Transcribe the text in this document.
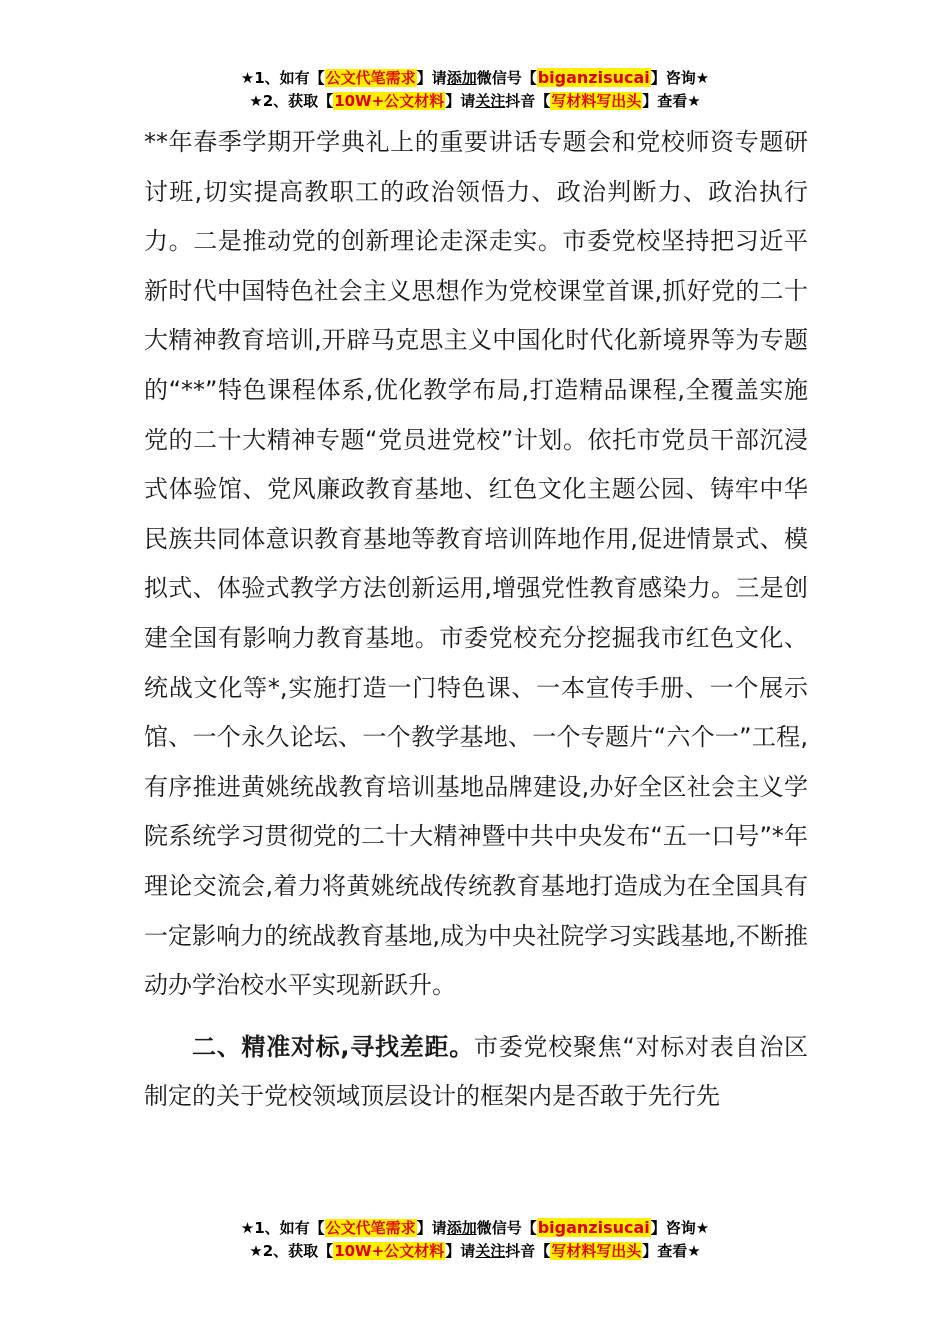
★1、如有【公文代笔需求】请添加微信号【biganzisucai】咨询★
★2、获取【10W+公文材料】请关注抖音【写材料写出头】查看★

**年春季学期开学典礼上的重要讲话专题会和党校师资专题研讨班,切实提高教职工的政治领悟力、政治判断力、政治执行力。二是推动党的创新理论走深走实。市委党校坚持把习近平新时代中国特色社会主义思想作为党校课堂首课,抓好党的二十大精神教育培训,开辟马克思主义中国化时代化新境界等为专题的“**”特色课程体系,优化教学布局,打造精品课程,全覆盖实施党的二十大精神专题“党员进党校”计划。依托市党员干部沉浸式体验馆、党风廉政教育基地、红色文化主题公园、铸牢中华民族共同体意识教育基地等教育培训阵地作用,促进情景式、模拟式、体验式教学方法创新运用,增强党性教育感染力。三是创建全国有影响力教育基地。市委党校充分挖掘我市红色文化、统战文化等*,实施打造一门特色课、一本宣传手册、一个展示馆、一个永久论坛、一个教学基地、一个专题片“六个一”工程,有序推进黄姚统战教育培训基地品牌建设,办好全区社会主义学院系统学习贯彻党的二十大精神暨中共中央发布“五一口号”*年理论交流会,着力将黄姚统战传统教育基地打造成为在全国具有一定影响力的统战教育基地,成为中央社院学习实践基地,不断推动办学治校水平实现新跃升。

二、精准对标,寻找差距。市委党校聚焦“对标对表自治区制定的关于党校领域顶层设计的框架内是否敢于先行先

★1、如有【公文代笔需求】请添加微信号【biganzisucai】咨询★
★2、获取【10W+公文材料】请关注抖音【写材料写出头】查看★
